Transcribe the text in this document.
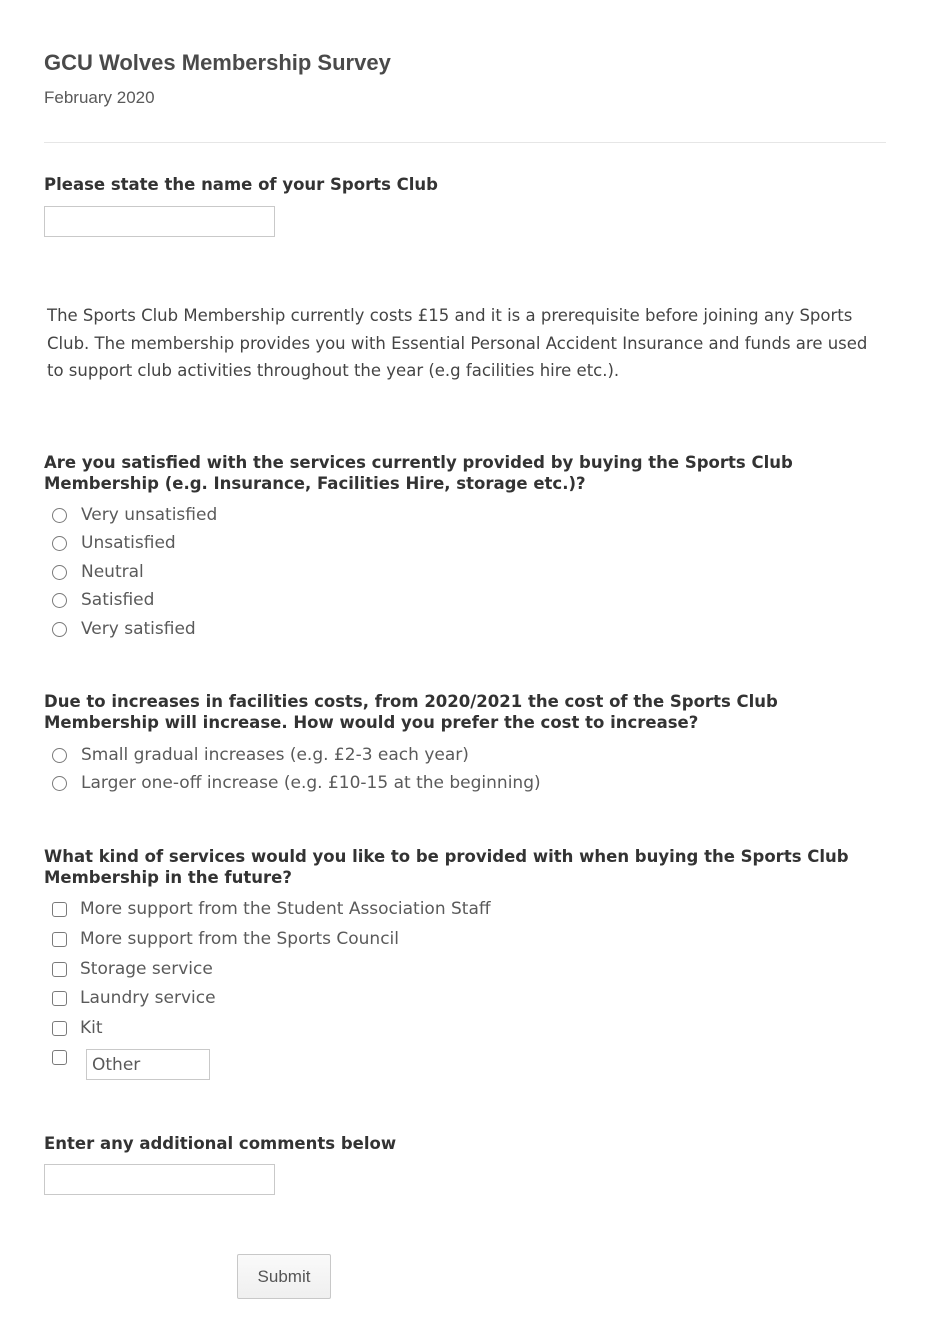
GCU Wolves Membership Survey
February 2020
Please state the name of your Sports Club
The Sports Club Membership currently costs £15 and it is a prerequisite before joining any Sports Club. The membership provides you with Essential Personal Accident Insurance and funds are used to support club activities throughout the year (e.g facilities hire etc.).
Are you satisfied with the services currently provided by buying the Sports Club Membership (e.g. Insurance, Facilities Hire, storage etc.)?
Very unsatisfied
Unsatisfied
Neutral
Satisfied
Very satisfied
Due to increases in facilities costs, from 2020/2021 the cost of the Sports Club Membership will increase. How would you prefer the cost to increase?
Small gradual increases (e.g. £2-3 each year)
Larger one-off increase (e.g. £10-15 at the beginning)
What kind of services would you like to be provided with when buying the Sports Club Membership in the future?
More support from the Student Association Staff
More support from the Sports Council
Storage service
Laundry service
Kit
Other
Enter any additional comments below
Submit
